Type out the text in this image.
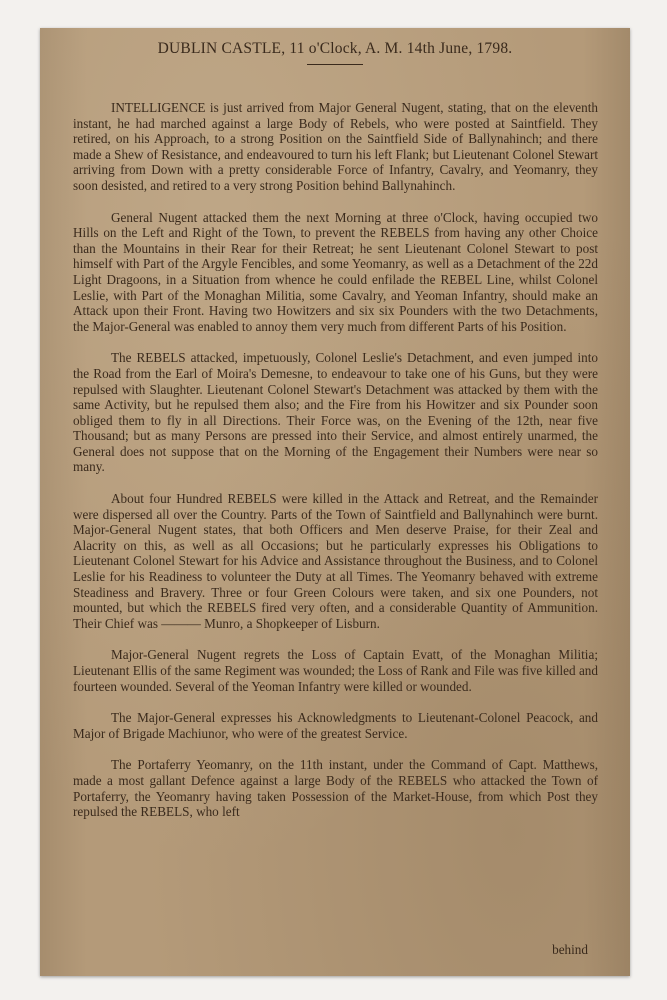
DUBLIN CASTLE, 11 o'Clock, A. M. 14th June, 1798.

INTELLIGENCE is just arrived from Major General Nugent, stating, that on the eleventh instant, he had marched against a large Body of Rebels, who were posted at Saintfield. They retired, on his Approach, to a strong Position on the Saintfield Side of Ballynahinch; and there made a Shew of Resistance, and endeavoured to turn his left Flank; but Lieutenant Colonel Stewart arriving from Down with a pretty considerable Force of Infantry, Cavalry, and Yeomanry, they soon desisted, and retired to a very strong Position behind Ballynahinch.

General Nugent attacked them the next Morning at three o'Clock, having occupied two Hills on the Left and Right of the Town, to prevent the REBELS from having any other Choice than the Mountains in their Rear for their Retreat; he sent Lieutenant Colonel Stewart to post himself with Part of the Argyle Fencibles, and some Yeomanry, as well as a Detachment of the 22d Light Dragoons, in a Situation from whence he could enfilade the REBEL Line, whilst Colonel Leslie, with Part of the Monaghan Militia, some Cavalry, and Yeoman Infantry, should make an Attack upon their Front. Having two Howitzers and six six Pounders with the two Detachments, the Major-General was enabled to annoy them very much from different Parts of his Position.

The REBELS attacked, impetuously, Colonel Leslie's Detachment, and even jumped into the Road from the Earl of Moira's Demesne, to endeavour to take one of his Guns, but they were repulsed with Slaughter. Lieutenant Colonel Stewart's Detachment was attacked by them with the same Activity, but he repulsed them also; and the Fire from his Howitzer and six Pounder soon obliged them to fly in all Directions. Their Force was, on the Evening of the 12th, near five Thousand; but as many Persons are pressed into their Service, and almost entirely unarmed, the General does not suppose that on the Morning of the Engagement their Numbers were near so many.

About four Hundred REBELS were killed in the Attack and Retreat, and the Remainder were dispersed all over the Country. Parts of the Town of Saintfield and Ballynahinch were burnt. Major-General Nugent states, that both Officers and Men deserve Praise, for their Zeal and Alacrity on this, as well as all Occasions; but he particularly expresses his Obligations to Lieutenant Colonel Stewart for his Advice and Assistance throughout the Business, and to Colonel Leslie for his Readiness to volunteer the Duty at all Times. The Yeomanry behaved with extreme Steadiness and Bravery. Three or four Green Colours were taken, and six one Pounders, not mounted, but which the REBELS fired very often, and a considerable Quantity of Ammunition. Their Chief was ——— Munro, a Shopkeeper of Lisburn.

Major-General Nugent regrets the Loss of Captain Evatt, of the Monaghan Militia; Lieutenant Ellis of the same Regiment was wounded; the Loss of Rank and File was five killed and fourteen wounded. Several of the Yeoman Infantry were killed or wounded.

The Major-General expresses his Acknowledgments to Lieutenant-Colonel Peacock, and Major of Brigade Machiunor, who were of the greatest Service.

The Portaferry Yeomanry, on the 11th instant, under the Command of Capt. Matthews, made a most gallant Defence against a large Body of the REBELS who attacked the Town of Portaferry, the Yeomanry having taken Possession of the Market-House, from which Post they repulsed the REBELS, who left

behind
